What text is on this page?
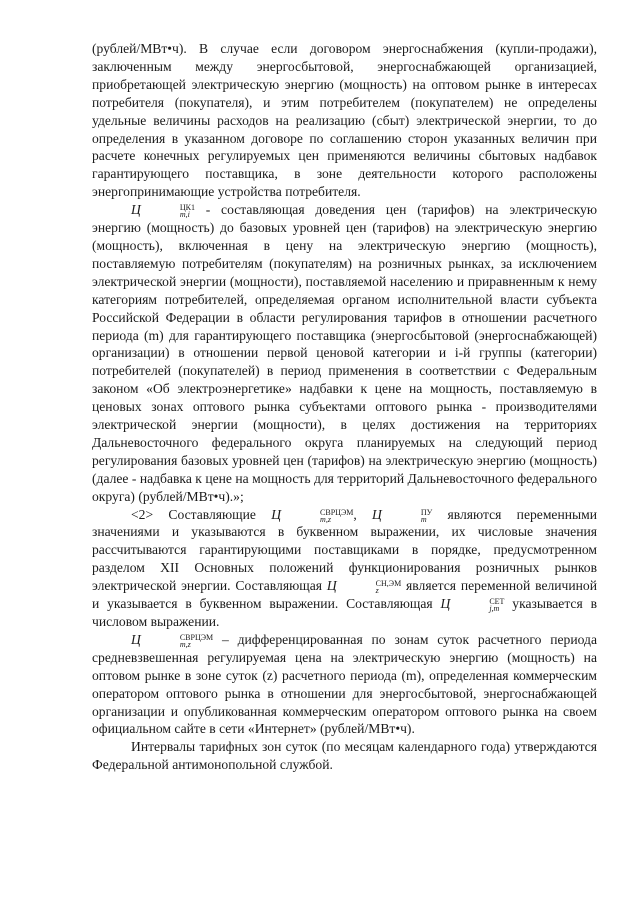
(рублей/МВт•ч). В случае если договором энергоснабжения (купли-продажи), заключенным между энергосбытовой, энергоснабжающей организацией, приобретающей электрическую энергию (мощность) на оптовом рынке в интересах потребителя (покупателя), и этим потребителем (покупателем) не определены удельные величины расходов на реализацию (сбыт) электрической энергии, то до определения в указанном договоре по соглашению сторон указанных величин при расчете конечных регулируемых цен применяются величины сбытовых надбавок гарантирующего поставщика, в зоне деятельности которого расположены энергопринимающие устройства потребителя.

Ц	ЦК1
m,i - составляющая доведения цен (тарифов) на электрическую энергию (мощность) до базовых уровней цен (тарифов) на электрическую энергию (мощность), включенная в цену на электрическую энергию (мощность), поставляемую потребителям (покупателям) на розничных рынках, за исключением электрической энергии (мощности), поставляемой населению и приравненным к нему категориям потребителей, определяемая органом исполнительной власти субъекта Российской Федерации в области регулирования тарифов в отношении расчетного периода (m) для гарантирующего поставщика (энергосбытовой (энергоснабжающей) организации) в отношении первой ценовой категории и i-й группы (категории) потребителей (покупателей) в период применения в соответствии с Федеральным законом «Об электроэнергетике» надбавки к цене на мощность, поставляемую в ценовых зонах оптового рынка субъектами оптового рынка - производителями электрической энергии (мощности), в целях достижения на территориях Дальневосточного федерального округа планируемых на следующий период регулирования базовых уровней цен (тарифов) на электрическую энергию (мощность) (далее - надбавка к цене на мощность для территорий Дальневосточного федерального округа) (рублей/МВт•ч).»;

<2> Составляющие Ц	СВРЦЭМ
m,z	, Ц	ПУ
m являются переменными значениями и указываются в буквенном выражении, их числовые значения рассчитываются гарантирующими поставщиками в порядке, предусмотренном разделом XII Основных положений функционирования розничных рынков электрической энергии. Составляющая Ц	СН,ЭМ
z	является переменной величиной и указывается в буквенном выражении. Составляющая Ц	СЕТ
j,m указывается в числовом выражении.

Ц	СВРЦЭМ
m,z	– дифференцированная по зонам суток расчетного периода средневзвешенная регулируемая цена на электрическую энергию (мощность) на оптовом рынке в зоне суток (z) расчетного периода (m), определенная коммерческим оператором оптового рынка в отношении для энергосбытовой, энергоснабжающей организации и опубликованная коммерческим оператором оптового рынка на своем официальном сайте в сети «Интернет» (рублей/МВт•ч).

Интервалы тарифных зон суток (по месяцам календарного года) утверждаются Федеральной антимонопольной службой.
